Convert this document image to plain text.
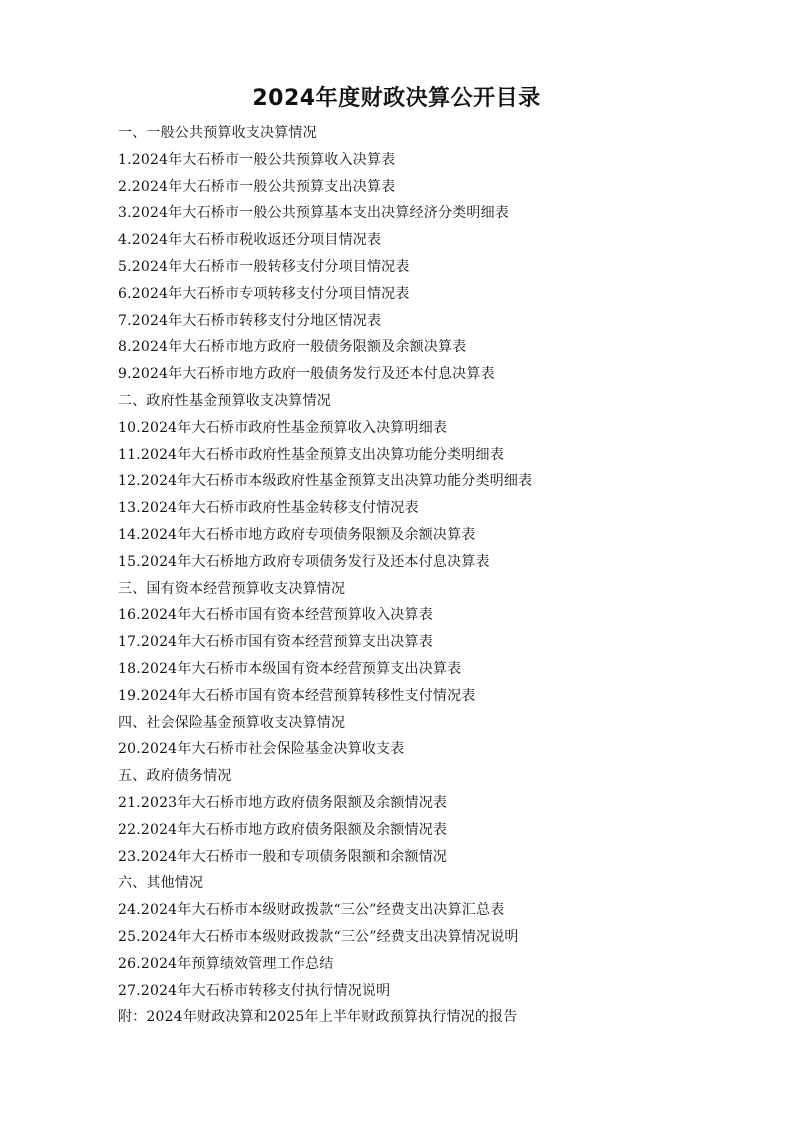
2024年度财政决算公开目录
一、一般公共预算收支决算情况
1.2024年大石桥市一般公共预算收入决算表
2.2024年大石桥市一般公共预算支出决算表
3.2024年大石桥市一般公共预算基本支出决算经济分类明细表
4.2024年大石桥市税收返还分项目情况表
5.2024年大石桥市一般转移支付分项目情况表
6.2024年大石桥市专项转移支付分项目情况表
7.2024年大石桥市转移支付分地区情况表
8.2024年大石桥市地方政府一般债务限额及余额决算表
9.2024年大石桥市地方政府一般债务发行及还本付息决算表
二、政府性基金预算收支决算情况
10.2024年大石桥市政府性基金预算收入决算明细表
11.2024年大石桥市政府性基金预算支出决算功能分类明细表
12.2024年大石桥市本级政府性基金预算支出决算功能分类明细表
13.2024年大石桥市政府性基金转移支付情况表
14.2024年大石桥市地方政府专项债务限额及余额决算表
15.2024年大石桥地方政府专项债务发行及还本付息决算表
三、国有资本经营预算收支决算情况
16.2024年大石桥市国有资本经营预算收入决算表
17.2024年大石桥市国有资本经营预算支出决算表
18.2024年大石桥市本级国有资本经营预算支出决算表
19.2024年大石桥市国有资本经营预算转移性支付情况表
四、社会保险基金预算收支决算情况
20.2024年大石桥市社会保险基金决算收支表
五、政府债务情况
21.2023年大石桥市地方政府债务限额及余额情况表
22.2024年大石桥市地方政府债务限额及余额情况表
23.2024年大石桥市一般和专项债务限额和余额情况
六、其他情况
24.2024年大石桥市本级财政拨款“三公”经费支出决算汇总表
25.2024年大石桥市本级财政拨款“三公”经费支出决算情况说明
26.2024年预算绩效管理工作总结
27.2024年大石桥市转移支付执行情况说明
附：2024年财政决算和2025年上半年财政预算执行情况的报告
